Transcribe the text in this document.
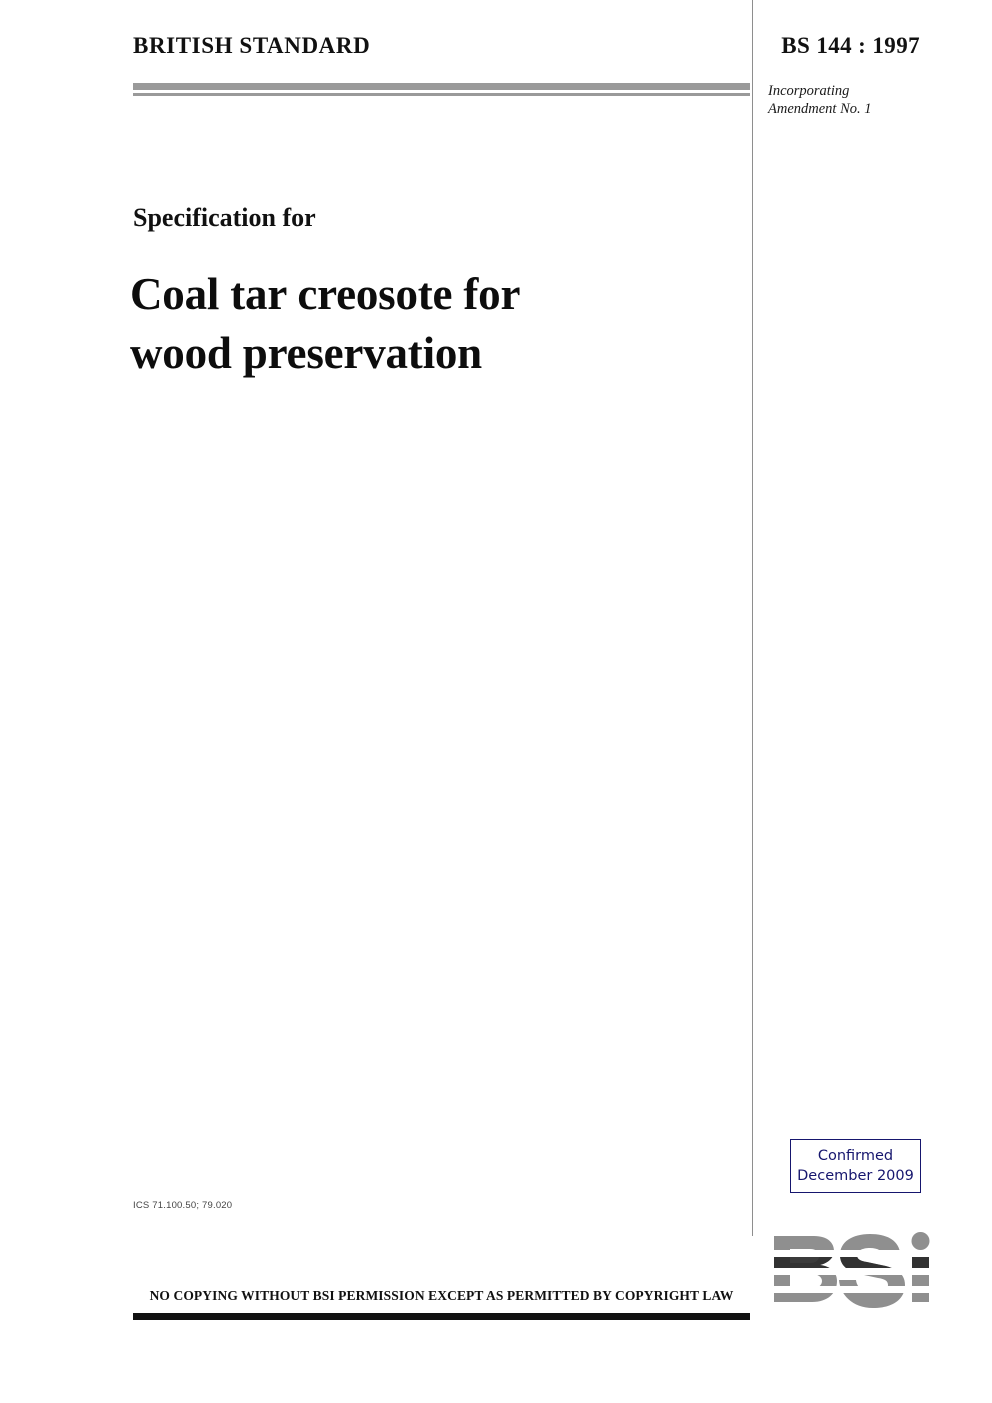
BRITISH STANDARD	BS 144 : 1997
Incorporating
Amendment No. 1
Specification for
Coal tar creosote for
wood preservation
Confirmed
December 2009
ICS 71.100.50; 79.020
NO COPYING WITHOUT BSI PERMISSION EXCEPT AS PERMITTED BY COPYRIGHT LAW
